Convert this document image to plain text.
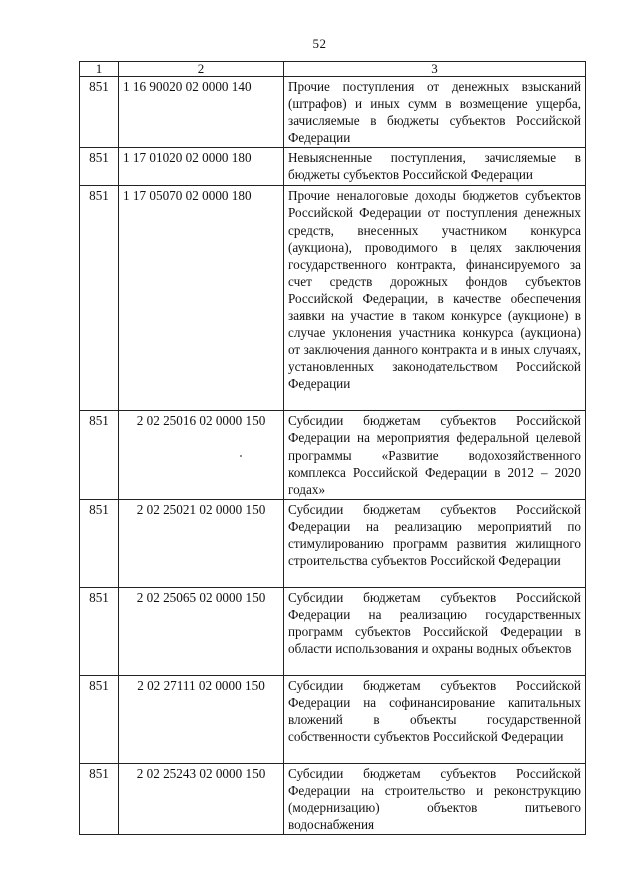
52
1	2	3
851	1 16 90020 02 0000 140	Прочие поступления от денежных взысканий (штрафов) и иных сумм в возмещение ущерба, зачисляемые в бюджеты субъектов Российской Федерации
851	1 17 01020 02 0000 180	Невыясненные поступления, зачисляемые в бюджеты субъектов Российской Федерации
851	1 17 05070 02 0000 180	Прочие неналоговые доходы бюджетов субъектов Российской Федерации от поступления денежных средств, внесенных участником конкурса (аукциона), проводимого в целях заключения государственного контракта, финансируемого за счет средств дорожных фондов субъектов Российской Федерации, в качестве обеспечения заявки на участие в таком конкурсе (аукционе) в случае уклонения участника конкурса (аукциона) от заключения данного контракта и в иных случаях, установленных законодательством Российской Федерации
851	2 02 25016 02 0000 150	Субсидии бюджетам субъектов Российской Федерации на мероприятия федеральной целевой программы «Развитие водохозяйственного комплекса Российской Федерации в 2012 – 2020 годах»
851	2 02 25021 02 0000 150	Субсидии бюджетам субъектов Российской Федерации на реализацию мероприятий по стимулированию программ развития жилищного строительства субъектов Российской Федерации
851	2 02 25065 02 0000 150	Субсидии бюджетам субъектов Российской Федерации на реализацию государственных программ субъектов Российской Федерации в области использования и охраны водных объектов
851	2 02 27111 02 0000 150	Субсидии бюджетам субъектов Российской Федерации на софинансирование капитальных вложений в объекты государственной собственности субъектов Российской Федерации
851	2 02 25243 02 0000 150	Субсидии бюджетам субъектов Российской Федерации на строительство и реконструкцию (модернизацию) объектов питьевого водоснабжения
